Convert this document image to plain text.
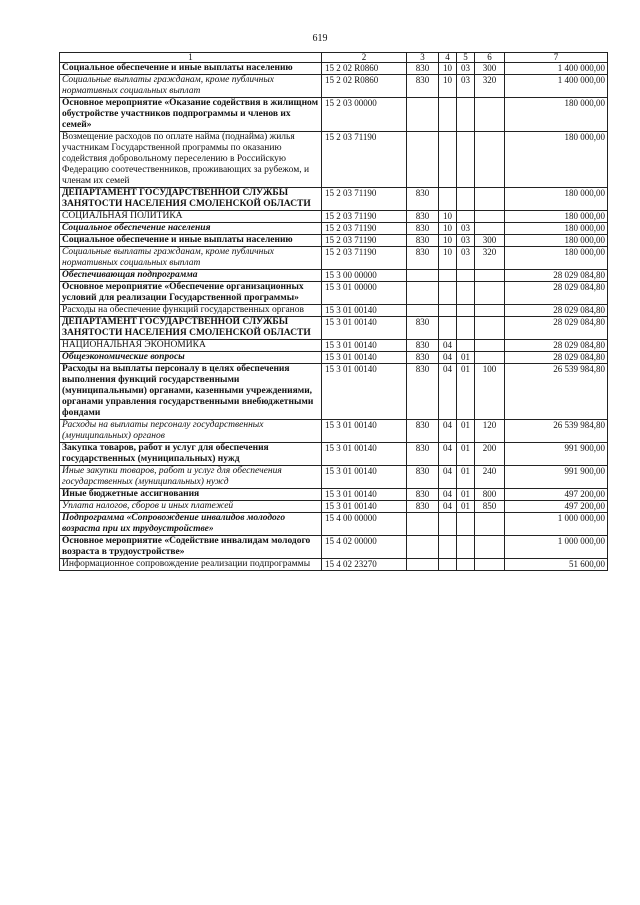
619
1	2	3	4	5	6	7
Социальное обеспечение и иные выплаты населению	15 2 02 R0860	830	10	03	300	1 400 000,00
Социальные выплаты гражданам, кроме публичных нормативных социальных выплат	15 2 02 R0860	830	10	03	320	1 400 000,00
Основное мероприятие «Оказание содействия в жилищном обустройстве участников подпрограммы и членов их семей»	15 2 03 00000					180 000,00
Возмещение расходов по оплате найма (поднайма) жилья участникам Государственной программы по оказанию содействия добровольному переселению в Российскую Федерацию соотечественников, проживающих за рубежом, и членам их семей	15 2 03 71190					180 000,00
ДЕПАРТАМЕНТ ГОСУДАРСТВЕННОЙ СЛУЖБЫ ЗАНЯТОСТИ НАСЕЛЕНИЯ СМОЛЕНСКОЙ ОБЛАСТИ	15 2 03 71190	830				180 000,00
СОЦИАЛЬНАЯ ПОЛИТИКА	15 2 03 71190	830	10			180 000,00
Социальное обеспечение населения	15 2 03 71190	830	10	03		180 000,00
Социальное обеспечение и иные выплаты населению	15 2 03 71190	830	10	03	300	180 000,00
Социальные выплаты гражданам, кроме публичных нормативных социальных выплат	15 2 03 71190	830	10	03	320	180 000,00
Обеспечивающая подпрограмма	15 3 00 00000					28 029 084,80
Основное мероприятие «Обеспечение организационных условий для реализации Государственной программы»	15 3 01 00000					28 029 084,80
Расходы на обеспечение функций государственных органов	15 3 01 00140					28 029 084,80
ДЕПАРТАМЕНТ ГОСУДАРСТВЕННОЙ СЛУЖБЫ ЗАНЯТОСТИ НАСЕЛЕНИЯ СМОЛЕНСКОЙ ОБЛАСТИ	15 3 01 00140	830				28 029 084,80
НАЦИОНАЛЬНАЯ ЭКОНОМИКА	15 3 01 00140	830	04			28 029 084,80
Общеэкономические вопросы	15 3 01 00140	830	04	01		28 029 084,80
Расходы на выплаты персоналу в целях обеспечения выполнения функций государственными (муниципальными) органами, казенными учреждениями, органами управления государственными внебюджетными фондами	15 3 01 00140	830	04	01	100	26 539 984,80
Расходы на выплаты персоналу государственных (муниципальных) органов	15 3 01 00140	830	04	01	120	26 539 984,80
Закупка товаров, работ и услуг для обеспечения государственных (муниципальных) нужд	15 3 01 00140	830	04	01	200	991 900,00
Иные закупки товаров, работ и услуг для обеспечения государственных (муниципальных) нужд	15 3 01 00140	830	04	01	240	991 900,00
Иные бюджетные ассигнования	15 3 01 00140	830	04	01	800	497 200,00
Уплата налогов, сборов и иных платежей	15 3 01 00140	830	04	01	850	497 200,00
Подпрограмма «Сопровождение инвалидов молодого возраста при их трудоустройстве»	15 4 00 00000					1 000 000,00
Основное мероприятие «Содействие инвалидам молодого возраста в трудоустройстве»	15 4 02 00000					1 000 000,00
Информационное сопровождение реализации подпрограммы	15 4 02 23270					51 600,00
